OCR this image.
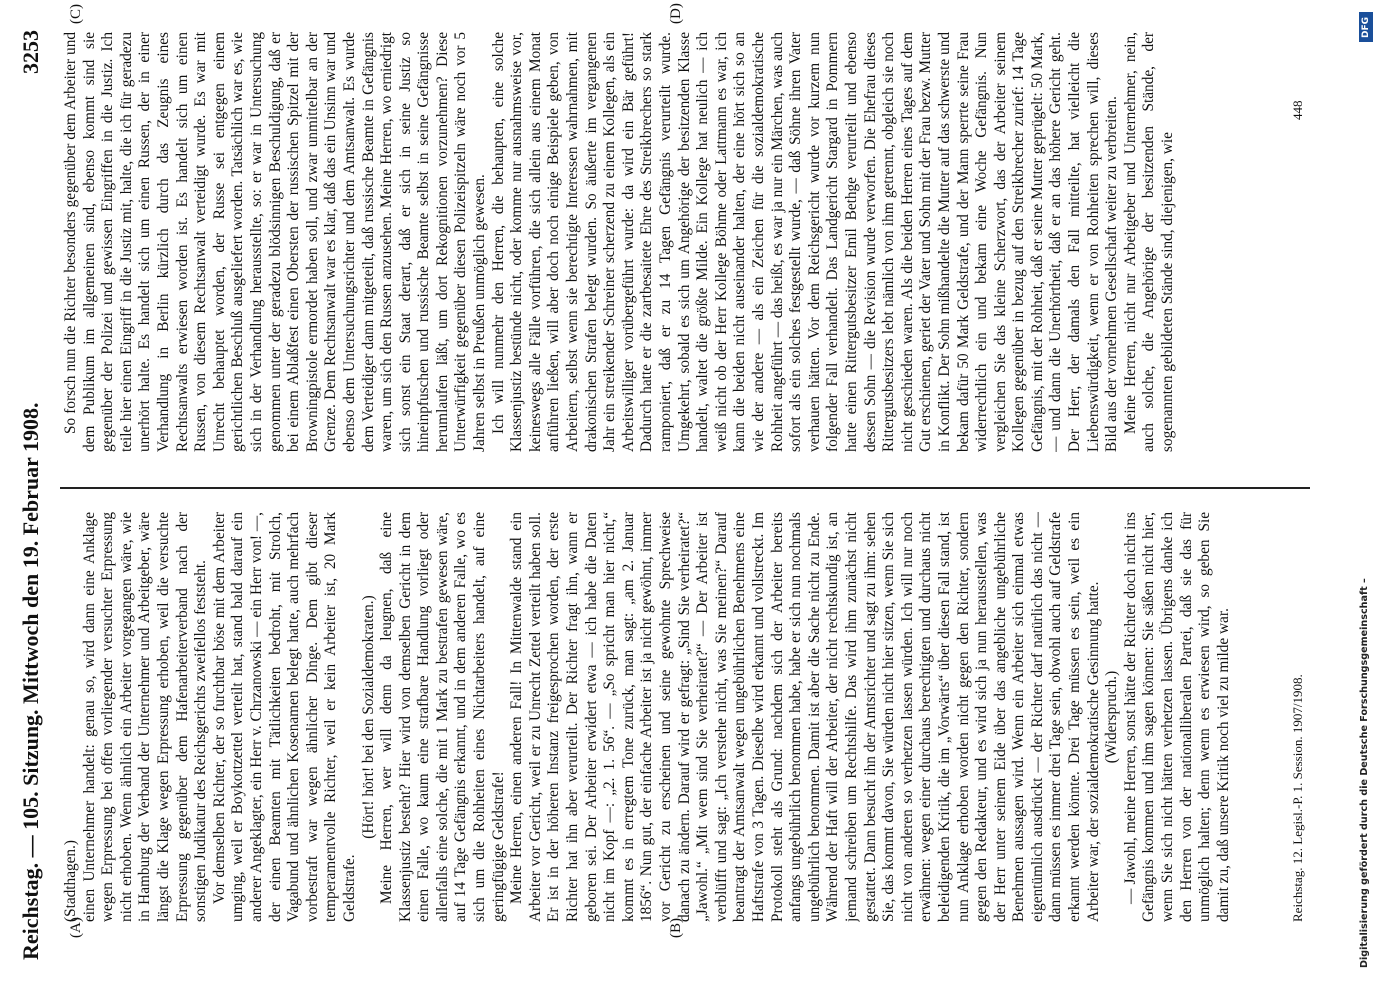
Reichstag. — 105. Sitzung. Mittwoch den 19. Februar 1908.
3253
(A)	(B)
(C)	(D)

(Stadthagen.) einen Unternehmer handelt: genau so, wird dann eine Anklage wegen Erpressung bei offen vorliegender versuchter Erpressung nicht erhoben. Wenn ähnlich ein Arbeiter vorgegangen wäre, wie in Hamburg der Verband der Unternehmer und Arbeitgeber, wäre längst die Klage wegen Erpressung erhoben, weil die versuchte Erpressung gegenüber dem Hafenarbeiterverband nach der sonstigen Judikatur des Reichsgerichts zweifellos feststeht. Vor demselben Richter, der so furchtbar böse mit dem Arbeiter umging, weil er Boykottzettel verteilt hat, stand bald darauf ein anderer Angeklagter, ein Herr v. Chrzanowski — ein Herr von! —, der einen Beamten mit Tätlichkeiten bedroht, mit Strolch, Vagabund und ähnlichen Kosenamen belegt hatte, auch mehrfach vorbestraft war wegen ähnlicher Dinge. Dem gibt dieser temperamentvolle Richter, weil er kein Arbeiter ist, 20 Mark Geldstrafe.

(Hört! hört! bei den Sozialdemokraten.) Meine Herren, wer will denn da leugnen, daß eine Klassenjustiz besteht? Hier wird von demselben Gericht in dem einen Falle, wo kaum eine strafbare Handlung vorliegt oder allenfalls eine solche, die mit 1 Mark zu bestrafen gewesen wäre, auf 14 Tage Gefängnis erkannt, und in dem anderen Falle, wo es sich um die Rohheiten eines Nichtarbeiters handelt, auf eine geringfügige Geldstrafe! Meine Herren, einen anderen Fall! In Mittenwalde stand ein Arbeiter vor Gericht, weil er zu Unrecht Zettel verteilt haben soll. Er ist in der höheren Instanz freigesprochen worden, der erste Richter hat ihn aber verurteilt. Der Richter fragt ihn, wann er geboren sei. Der Arbeiter erwidert etwa — ich habe die Daten nicht im Kopf —: „2. 1. 56“. — „So spricht man hier nicht,“ kommt es in erregtem Tone zurück, man sagt: „am 2. Januar 1856“. Nun gut, der einfache Arbeiter ist ja nicht gewöhnt, immer vor Gericht zu erscheinen und seine gewohnte Sprechweise danach zu ändern. Darauf wird er gefragt: „Sind Sie verheiratet?“ „Jawohl.“ „Mit wem sind Sie verheiratet?“ — Der Arbeiter ist verblüfft und sagt: „Ich verstehe nicht, was Sie meinen?“ Darauf beantragt der Amtsanwalt wegen ungebührlichen Benehmens eine Haftstrafe von 3 Tagen. Dieselbe wird erkannt und vollstreckt. Im Protokoll steht als Grund: nachdem sich der Arbeiter bereits anfangs ungebührlich benommen habe, habe er sich nun nochmals ungebührlich benommen. Damit ist aber die Sache nicht zu Ende. Während der Haft will der Arbeiter, der nicht rechtskundig ist, an jemand schreiben um Rechtshilfe. Das wird ihm zunächst nicht gestattet. Dann besucht ihn der Amtsrichter und sagt zu ihm: sehen Sie, das kommt davon, Sie würden nicht hier sitzen, wenn Sie sich nicht von anderen so verhetzen lassen würden. Ich will nur noch erwähnen: wegen einer durchaus berechtigten und durchaus nicht beleidigenden Kritik, die im „Vorwärts“ über diesen Fall stand, ist nun Anklage erhoben worden nicht gegen den Richter, sondern gegen den Redakteur, und es wird sich ja nun herausstellen, was der Herr unter seinem Eide über das angebliche ungebührliche Benehmen aussagen wird. Wenn ein Arbeiter sich einmal etwas eigentümlich ausdrückt — der Richter darf natürlich das nicht — dann müssen es immer drei Tage sein, obwohl auch auf Geldstrafe erkannt werden könnte. Drei Tage müssen es sein, weil es ein Arbeiter war, der sozialdemokratische Gesinnung hatte. (Widerspruch.) — Jawohl, meine Herren, sonst hätte der Richter doch nicht ins Gefängnis kommen und ihm sagen können: Sie säßen nicht hier, wenn Sie sich nicht hätten verhetzen lassen. Übrigens danke ich den Herren von der nationalliberalen Partei, daß sie das für unmöglich halten; denn wenn es erwiesen wird, so geben Sie damit zu, daß unsere Kritik noch viel zu milde war.

So forsch nun die Richter besonders gegenüber dem Arbeiter und dem Publikum im allgemeinen sind, ebenso kommt sind sie gegenüber der Polizei und gewissen Eingriffen in die Justiz. Ich teile hier einen Eingriff in die Justiz mit, halte, die ich für geradezu unerhört halte. Es handelt sich um einen Russen, der in einer Verhandlung in Berlin kürzlich durch das Zeugnis eines Rechtsanwalts erwiesen worden ist. Es handelt sich um einen Russen, von diesem Rechtsanwalt verteidigt wurde. Es war mit Unrecht behauptet worden, der Russe sei entgegen einem gerichtlichen Beschluß ausgeliefert worden. Tatsächlich war es, wie sich in der Verhandlung herausstellte, so: er war in Untersuchung genommen unter der geradezu blödsinnigen Beschuldigung, daß er bei einem Ablaßfest einen Obersten der russischen Spitzel mit der Browningpistole ermordet haben soll, und zwar unmittelbar an der Grenze. Dem Rechtsanwalt war es klar, daß das ein Unsinn war und ebenso dem Untersuchungsrichter und dem Amtsanwalt. Es wurde dem Verteidiger dann mitgeteilt, daß russische Beamte in Gefängnis waren, um sich den Russen anzusehen. Meine Herren, wo erniedrigt sich sonst ein Staat derart, daß er sich in seine Justiz so hineinpfuschen und russische Beamte selbst in seine Gefängnisse herumlaufen läßt, um dort Rekognitionen vorzunehmen? Diese Unterwürfigkeit gegenüber diesen Polizeispitzeln wäre noch vor 5 Jahren selbst in Preußen unmöglich gewesen. Ich will nunmehr den Herren, die behaupten, eine solche Klassenjustiz bestünde nicht, oder komme nur ausnahmsweise vor, keineswegs alle Fälle vorführen, die sich allein aus einem Monat anführen ließen, will aber doch noch einige Beispiele geben, von Arbeitern, selbst wenn sie berechtigte Interessen wahrnahmen, mit drakonischen Strafen belegt wurden. So äußerte im vergangenen Jahr ein streikender Schreiner scherzend zu einem Kollegen, als ein Arbeitswilliger vorübergeführt wurde: da wird ein Bär geführt! Dadurch hatte er die zartbesaitete Ehre des Streikbrechers so stark ramponiert, daß er zu 14 Tagen Gefängnis verurteilt wurde. Umgekehrt, sobald es sich um Angehörige der besitzenden Klasse handelt, waltet die größte Milde. Ein Kollege hat neulich — ich weiß nicht ob der Herr Kollege Böhme oder Lattmann es war, ich kann die beiden nicht auseinander halten, der eine hört sich so an wie der andere — als ein Zeichen für die sozialdemokratische Rohheit angeführt — das heißt, es war ja nur ein Märchen, was auch sofort als ein solches festgestellt wurde, — daß Söhne ihren Vater verhauen hätten. Vor dem Reichsgericht wurde vor kurzem nun folgender Fall verhandelt. Das Landgericht Stargard in Pommern hatte einen Rittergutsbesitzer Emil Bethge verurteilt und ebenso dessen Sohn — die Revision wurde verworfen. Die Ehefrau dieses Rittergutsbesitzers lebt nämlich von ihm getrennt, obgleich sie noch nicht geschieden waren. Als die beiden Herren eines Tages auf dem Gut erschienen, geriet der Vater und Sohn mit der Frau bezw. Mutter in Konflikt. Der Sohn mißhandelte die Mutter auf das schwerste und bekam dafür 50 Mark Geldstrafe, und der Mann sperrte seine Frau widerrechtlich ein und bekam eine Woche Gefängnis. Nun vergleichen Sie das kleine Scherzwort, das der Arbeiter seinem Kollegen gegenüber in bezug auf den Streikbrecher zurief: 14 Tage Gefängnis, mit der Rohheit, daß er seine Mutter geprügelt: 50 Mark, — und dann die Unerhörtheit, daß er an das höhere Gericht geht. Der Herr, der damals den Fall mitteilte, hat vielleicht die Liebenswürdigkeit, wenn er von Rohheiten sprechen will, dieses Bild aus der vornehmen Gesellschaft weiter zu verbreiten. Meine Herren, nicht nur Arbeitgeber und Unternehmer, nein, auch solche, die Angehörige der besitzenden Stände, der sogenannten gebildeten Stände sind, diejenigen, wie

Reichstag. 12. Legisl.-P. 1. Session. 1907/1908.
448
DFG
Digitalisierung gefördert durch die Deutsche Forschungsgemeinschaft –
